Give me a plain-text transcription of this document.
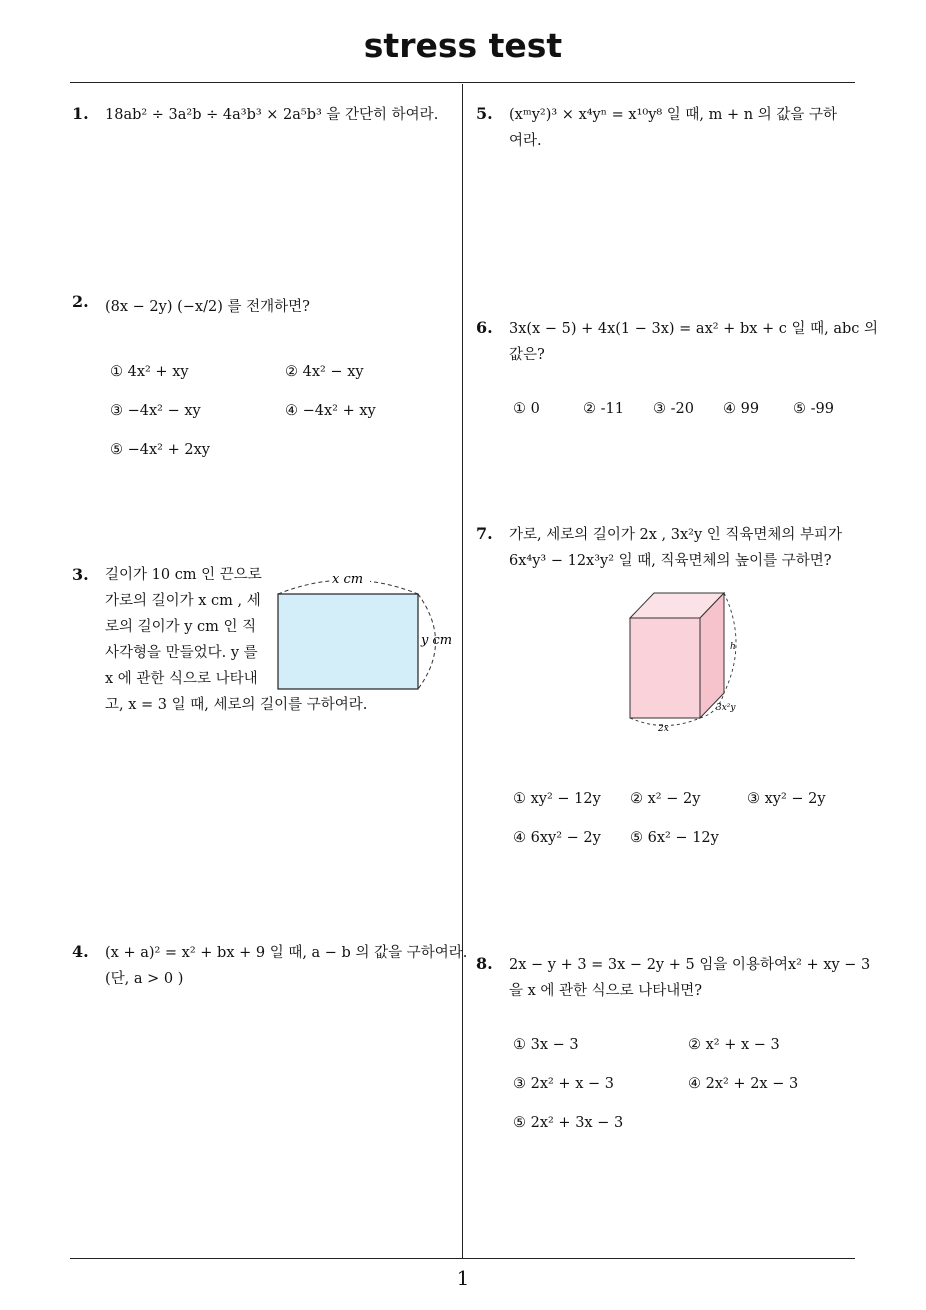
stress test
1
1. 18ab² ÷ 3a²b ÷ 4a³b³ × 2a⁵b³ 을 간단히 하여라.
2. (8x − 2y) (−x/2) 를 전개하면?
① 4x² + xy	② 4x² − xy
③ −4x² − xy	④ −4x² + xy
⑤ −4x² + 2xy
3. 길이가 10 cm 인 끈으로
가로의 길이가 x cm , 세
로의 길이가 y cm 인 직
사각형을 만들었다. y 를
x 에 관한 식으로 나타내
고, x = 3 일 때, 세로의 길이를 구하여라.
x cm
y cm
4. (x + a)² = x² + bx + 9 일 때, a − b 의 값을 구하여라.
(단, a > 0 )
5. (xᵐy²)³ × x⁴yⁿ = x¹⁰y⁸ 일 때, m + n 의 값을 구하
여라.
6. 3x(x − 5) + 4x(1 − 3x) = ax² + bx + c 일 때, abc 의
값은?
① 0	② -11 ③ -20 ④ 99 ⑤ -99
7. 가로, 세로의 길이가 2x , 3x²y 인 직육면체의 부피가
6x⁴y³ − 12x³y² 일 때, 직육면체의 높이를 구하면?
h
3x²y
2x
① xy² − 12y ② x² − 2y	③ xy² − 2y
④ 6xy² − 2y ⑤ 6x² − 12y
8. 2x − y + 3 = 3x − 2y + 5 임을 이용하여x² + xy − 3
을 x 에 관한 식으로 나타내면?
① 3x − 3	② x² + x − 3
③ 2x² + x − 3	④ 2x² + 2x − 3
⑤ 2x² + 3x − 3
